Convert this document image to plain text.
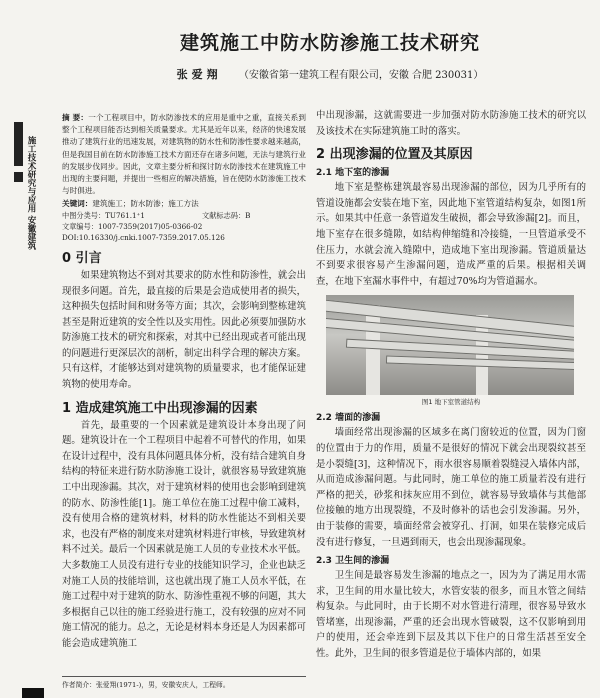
建筑施工中防水防渗施工技术研究
张爱翔 （安徽省第一建筑工程有限公司，安徽 合肥 230031）
施工技术研究与应用 安徽建筑
摘 要：一个工程项目中，防水防渗技术的应用是重中之重，直接关系到整个工程项目能否达到相关质量要求。尤其是近年以来，经济的快速发展推动了建筑行业的迅速发展，对建筑物的防水性和防渗性要求越来越高，但是我国目前在防水防渗施工技术方面还存在诸多问题，无法与建筑行业的发展步伐同步。因此，文章主要分析和探讨防水防渗技术在建筑施工中出现的主要问题，并提出一些相应的解决措施，旨在使防水防渗施工技术与时俱进。
关键词：建筑施工；防水防渗；施工方法
中图分类号：TU761.1⁺1	文献标志码：B
文章编号：1007-7359(2017)05-0366-02
DOI:10.16330/j.cnki.1007-7359.2017.05.126
0 引言

如果建筑物达不到对其要求的防水性和防渗性，就会出现很多问题。首先，最直接的后果是会造成使用者的损失，这种损失包括时间和财务等方面；其次，会影响到整栋建筑甚至是附近建筑的安全性以及实用性。因此必须要加强防水防渗施工技术的研究和探索，对其中已经出现或者可能出现的问题进行更深层次的剖析，制定出科学合理的解决方案。只有这样，才能够达到对建筑物的质量要求，也才能保证建筑物的使用寿命。

1 造成建筑施工中出现渗漏的因素

首先，最重要的一个因素就是建筑设计本身出现了问题。建筑设计在一个工程项目中起着不可替代的作用，如果在设计过程中，没有具体问题具体分析，没有结合建筑自身结构的特征来进行防水防渗施工设计，就很容易导致建筑施工中出现渗漏。其次，对于建筑材料的使用也会影响到建筑的防水、防渗性能[1]。施工单位在施工过程中偷工减料，没有使用合格的建筑材料，材料的防水性能达不到相关要求，也没有严格的制度来对建筑材料进行审核，导致建筑材料不过关。最后一个因素就是施工人员的专业技术水平低。大多数施工人员没有进行专业的技能知识学习，企业也缺乏对施工人员的技能培训，这也就出现了施工人员水平低，在施工过程中对于建筑的防水、防渗性重视不够的问题，其大多根据自己以往的施工经验进行施工，没有较强的应对不同施工情况的能力。总之，无论是材料本身还是人为因素都可能会造成建筑施工

中出现渗漏，这就需要进一步加强对防水防渗施工技术的研究以及该技术在实际建筑施工时的落实。

2 出现渗漏的位置及其原因
2.1 地下室的渗漏

地下室是整栋建筑最容易出现渗漏的部位，因为几乎所有的管道设施都会安装在地下室，因此地下室管道结构复杂，如图1所示。如果其中任意一条管道发生破损，都会导致渗漏[2]。而且，地下室存在很多缝隙，如结构伸缩缝和冷接缝，一旦管道承受不住压力，水就会流入缝隙中，造成地下室出现渗漏。管道质量达不到要求很容易产生渗漏问题，造成严重的后果。根据相关调查，在地下室漏水事件中，有超过70%均为管道漏水。

图1 地下室管道结构
2.2 墙面的渗漏

墙面经常出现渗漏的区域多在离门窗较近的位置，因为门窗的位置由于力的作用，质量不是很好的情况下就会出现裂纹甚至是小裂缝[3]，这种情况下，雨水很容易顺着裂缝浸入墙体内部，从而造成渗漏问题。与此同时，施工单位的施工质量若没有进行严格的把关，砂浆和抹灰应用不到位，就容易导致墙体与其他部位接触的地方出现裂缝，不及时修补的话也会引发渗漏。另外，由于装修的需要，墙面经常会被穿孔、打洞，如果在装修完成后没有进行修复，一旦遇到雨天，也会出现渗漏现象。

2.3 卫生间的渗漏

卫生间是最容易发生渗漏的地点之一，因为为了满足用水需求，卫生间的用水量比较大，水管安装的很多，而且水管之间结构复杂。与此同时，由于长期不对水管进行清理，很容易导致水管堵塞，出现渗漏，严重的还会出现水管破裂，这不仅影响到用户的使用，还会牵连到下层及其以下住户的日常生活甚至安全性。此外，卫生间的很多管道是位于墙体内部的，如果

作者简介：张爱翔(1971-)，男，安徽安庆人，工程师。
